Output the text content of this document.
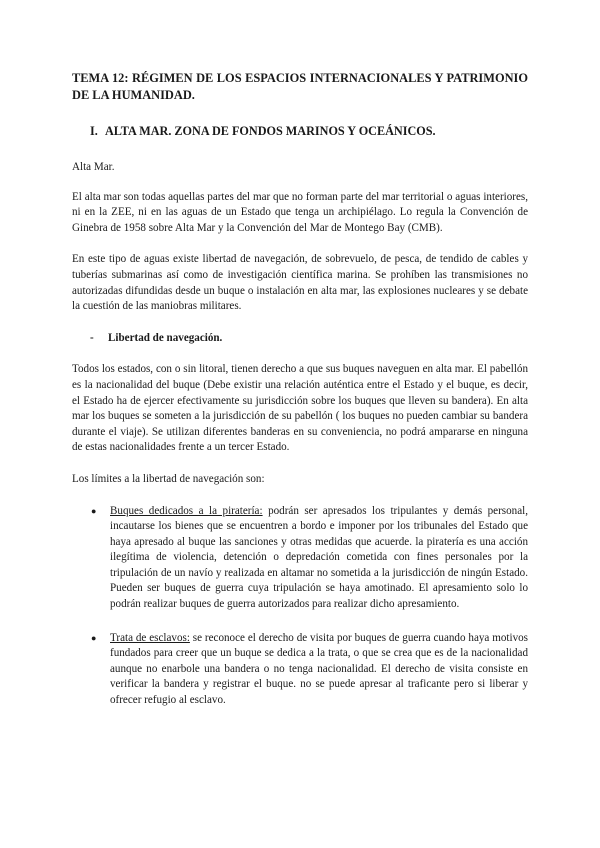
TEMA 12: RÉGIMEN DE LOS ESPACIOS INTERNACIONALES Y PATRIMONIO DE LA HUMANIDAD.
I. ALTA MAR. ZONA DE FONDOS MARINOS Y OCEÁNICOS.
Alta Mar.
El alta mar son todas aquellas partes del mar que no forman parte del mar territorial o aguas interiores, ni en la ZEE, ni en las aguas de un Estado que tenga un archipiélago. Lo regula la Convención de Ginebra de 1958 sobre Alta Mar y la Convención del Mar de Montego Bay (CMB).
En este tipo de aguas existe libertad de navegación, de sobrevuelo, de pesca, de tendido de cables y tuberías submarinas así como de investigación científica marina. Se prohíben las transmisiones no autorizadas difundidas desde un buque o instalación en alta mar, las explosiones nucleares y se debate la cuestión de las maniobras militares.
-	Libertad de navegación.
Todos los estados, con o sin litoral, tienen derecho a que sus buques naveguen en alta mar. El pabellón es la nacionalidad del buque (Debe existir una relación auténtica entre el Estado y el buque, es decir, el Estado ha de ejercer efectivamente su jurisdicción sobre los buques que lleven su bandera). En alta mar los buques se someten a la jurisdicción de su pabellón ( los buques no pueden cambiar su bandera durante el viaje). Se utilizan diferentes banderas en su conveniencia, no podrá ampararse en ninguna de estas nacionalidades frente a un tercer Estado.
Los límites a la libertad de navegación son:
●	Buques dedicados a la piratería: podrán ser apresados los tripulantes y demás personal, incautarse los bienes que se encuentren a bordo e imponer por los tribunales del Estado que haya apresado al buque las sanciones y otras medidas que acuerde. la piratería es una acción ilegítima de violencia, detención o depredación cometida con fines personales por la tripulación de un navío y realizada en altamar no sometida a la jurisdicción de ningún Estado. Pueden ser buques de guerra cuya tripulación se haya amotinado. El apresamiento solo lo podrán realizar buques de guerra autorizados para realizar dicho apresamiento.
●	Trata de esclavos: se reconoce el derecho de visita por buques de guerra cuando haya motivos fundados para creer que un buque se dedica a la trata, o que se crea que es de la nacionalidad aunque no enarbole una bandera o no tenga nacionalidad. El derecho de visita consiste en verificar la bandera y registrar el buque. no se puede apresar al traficante pero si liberar y ofrecer refugio al esclavo.
